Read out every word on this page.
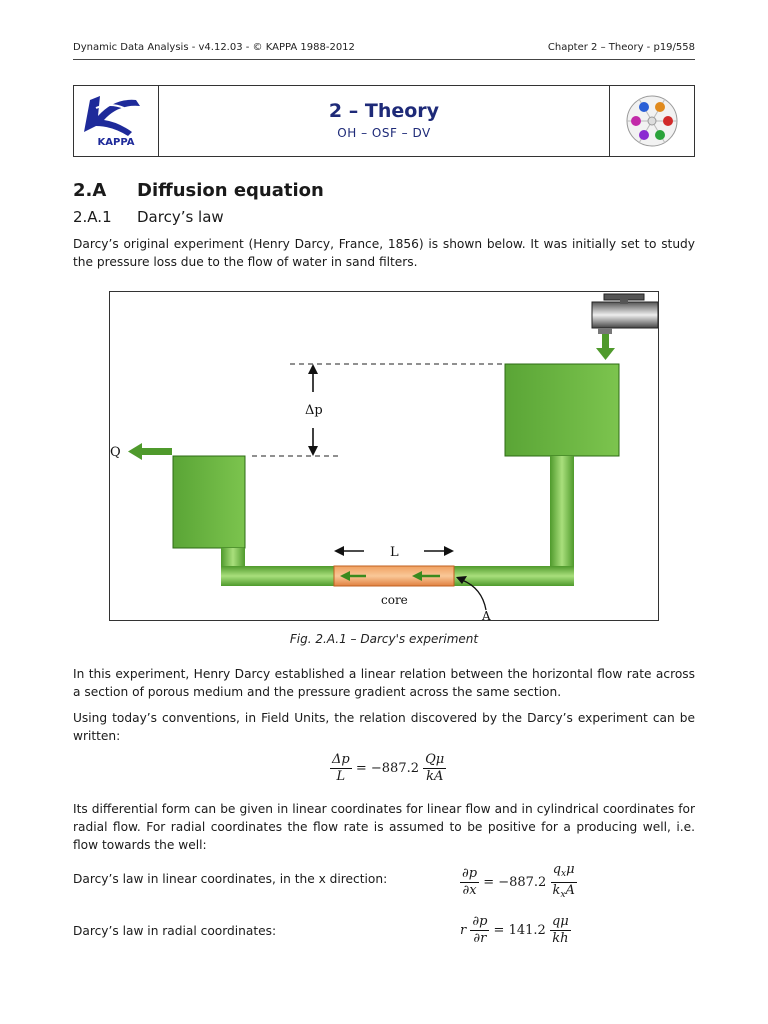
Dynamic Data Analysis - v4.12.03 - © KAPPA 1988-2012	Chapter 2 – Theory - p19/558
KAPPA
2 – Theory
OH – OSF – DV
2.A Diffusion equation
2.A.1 Darcy’s law
Darcy’s original experiment (Henry Darcy, France, 1856) is shown below. It was initially set to study the pressure loss due to the flow of water in sand filters.
Δp
Q
L
core
A
Fig. 2.A.1 – Darcy's experiment
In this experiment, Henry Darcy established a linear relation between the horizontal flow rate across a section of porous medium and the pressure gradient across the same section.
Using today’s conventions, in Field Units, the relation discovered by the Darcy’s experiment can be written:
$\frac{\Delta p}{L} = -887.2 \frac{Q\mu}{kA}$
Its differential form can be given in linear coordinates for linear flow and in cylindrical coordinates for radial flow. For radial coordinates the flow rate is assumed to be positive for a producing well, i.e. flow towards the well:
Darcy’s law in linear coordinates, in the x direction:	$\frac{\partial p}{\partial x} = -887.2 \frac{q_x\mu}{k_xA}$
Darcy’s law in radial coordinates:	r $\frac{\partial p}{\partial r} = 141.2 \frac{q\mu}{kh}$
